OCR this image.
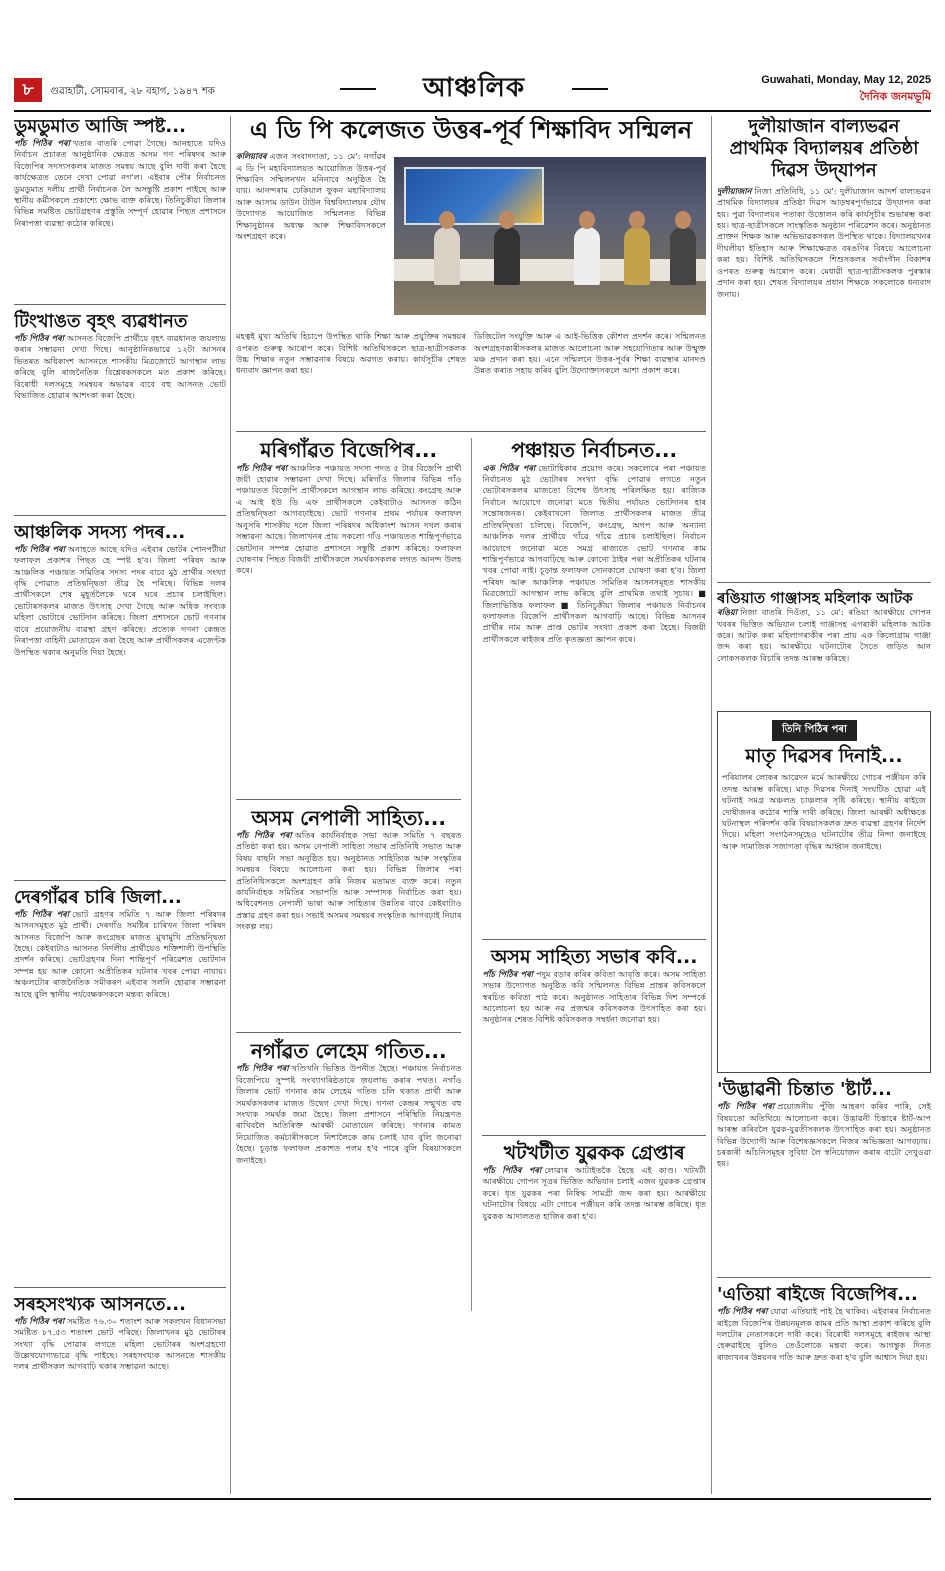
৮	গুৱাহাটী, সোমবাৰ, ২৮ বহাগ, ১৯৪৭ শক	আঞ্চলিক	Guwahati, Monday, May 12, 2025
দৈনিক জনমভূমি
ডুমডুমাত আজি স্পষ্ট...
পাঁচ পিঠিৰ পৰা খতাৰ বাতৰি পোৱা গৈছে। আনহাতে যদিও নিৰ্বাচন প্ৰচাৰত আনুষ্ঠানিক ক্ষেত্ৰত অসম গণ পৰিষদৰ আৰু বিজেপিৰ সদস্যসকলৰ মাজত সমন্বয় আছে বুলি দাবী কৰা হৈছে কাৰ্যক্ষেত্ৰত তেনে দেখা পোৱা নগ'ল। এইবাৰ পৌৰ নিৰ্বাচনত ডুমডুমাত দলীয় প্ৰাৰ্থী নিৰ্বাচনক লৈ অসন্তুষ্টি প্ৰকাশ পাইছে আৰু স্থানীয় কৰ্মীসকলে প্ৰকাশ্যে ক্ষোভ ব্যক্ত কৰিছে। তিনিচুকীয়া জিলাৰ বিভিন্ন সমষ্টিত ভোটগ্ৰহণৰ প্ৰস্তুতি সম্পূৰ্ণ হোৱাৰ পিছত প্ৰশাসনে নিৰাপত্তা ব্যৱস্থা কঠোৰ কৰিছে।
টিংখাঙত বৃহৎ ব্যৱধানত
পাঁচ পিঠিৰ পৰা আসনত বিজেপি প্ৰাৰ্থীয়ে বৃহৎ ব্যৱধানত জয়লাভ কৰাৰ সম্ভাৱনা দেখা দিছে। আনুষ্ঠানিকভাৱে ১২টা আসনৰ ভিতৰত অধিকাংশ আসনতে শাসকীয় মিত্ৰজোটে আগস্থান লাভ কৰিছে বুলি ৰাজনৈতিক বিশ্লেষকসকলে মত প্ৰকাশ কৰিছে। বিৰোধী দলসমূহে সমন্বয়ৰ অভাৱৰ বাবে বহু আসনত ভোট বিভাজিত হোৱাৰ আশংকা কৰা হৈছে।
আঞ্চলিক সদস্য পদৰ...
পাঁচ পিঠিৰ পৰা অনাহতে আছে যদিও এইবাৰ ভোটৰ পোনপটীয়া ফলাফল প্ৰকাশৰ পিছত হে স্পষ্ট হ'ব। জিলা পৰিষদ আৰু আঞ্চলিক পঞ্চায়ত সমিতিৰ সদস্য পদৰ বাবে মুঠ প্ৰাৰ্থীৰ সংখ্যা বৃদ্ধি পোৱাত প্ৰতিদ্বন্দ্বিতা তীব্ৰ হৈ পৰিছে। বিভিন্ন দলৰ প্ৰাৰ্থীসকলে শেষ মুহূৰ্তলৈকে ঘৰে ঘৰে প্ৰচাৰ চলাইছিল। ভোটাৰসকলৰ মাজত উৎসাহ দেখা গৈছে আৰু অধিক সংখ্যক মহিলা ভোটাৰে ভোটদান কৰিছে। জিলা প্ৰশাসনে ভোট গণনাৰ বাবে প্ৰয়োজনীয় ব্যৱস্থা গ্ৰহণ কৰিছে। প্ৰত্যেক গণনা কেন্দ্ৰত নিৰাপত্তা বাহিনী মোতায়েন কৰা হৈছে আৰু প্ৰাৰ্থীসকলৰ এজেণ্টক উপস্থিত থকাৰ অনুমতি দিয়া হৈছে।
দেৰগাঁৱৰ চাৰি জিলা...
পাঁচ পিঠিৰ পৰা ভোট গ্ৰহণৰ সমিতি ৭ আৰু জিলা পৰিষদৰ আসনসমূহত মুঠ প্ৰাৰ্থী। দেৰগাঁও সমষ্টিৰ চাৰিখন জিলা পৰিষদ আসনত বিজেপি আৰু কংগ্ৰেছৰ মাজত মুখামুখি প্ৰতিদ্বন্দ্বিতা হৈছে। কেইবাটাও আসনত নিৰ্দলীয় প্ৰাৰ্থীয়েও শক্তিশালী উপস্থিতি প্ৰদৰ্শন কৰিছে। ভোটগ্ৰহণৰ দিনা শান্তিপূৰ্ণ পৰিৱেশত ভোটদান সম্পন্ন হয় আৰু কোনো অপ্ৰীতিকৰ ঘটনাৰ খবৰ পোৱা নাযায়। অঞ্চলটোৰ ৰাজনৈতিক সমীকৰণ এইবাৰ সলনি হোৱাৰ সম্ভাৱনা আছে বুলি স্থানীয় পৰ্যবেক্ষকসকলে মন্তব্য কৰিছে।
সৰহসংখ্যক আসনতে...
পাঁচ পিঠিৰ পৰা সমষ্টিত ৭৬.৩০ শতাংশ আৰু সকলখন বিধানসভা সমষ্টিত ৮৭.৫৩ শতাংশ ভোট পৰিছে। জিলাখনৰ মুঠ ভোটাৰৰ সংখ্যা বৃদ্ধি পোৱাৰ লগতে মহিলা ভোটাৰৰ অংশগ্ৰহণো উল্লেখযোগ্যভাৱে বৃদ্ধি পাইছে। সৰহসংখ্যক আসনতে শাসকীয় দলৰ প্ৰাৰ্থীসকল আগবাঢ়ি থকাৰ সম্ভাৱনা আছে।
এ ডি পি কলেজত উত্তৰ-পূৰ্ব শিক্ষাবিদ সন্মিলন
কলিয়াবৰ এজন সংবাদদাতা, ১১ মে': নগাঁৱৰ এ ডি পি মহাবিদ্যালয়ত আয়োজিত উত্তৰ-পূৰ্ব শিক্ষাবিদ সন্মিলনখন মনিনাবে অনুষ্ঠিত হৈ যায়। আনন্দৰাম ঢেকিয়াল ফুকন মহাবিদ্যালয় আৰু আসাম ডাউন টাউন বিশ্ববিদ্যালয়ৰ যৌথ উদ্যোগত আয়োজিত সন্মিলনত বিভিন্ন শিক্ষানুষ্ঠানৰ অধ্যক্ষ আৰু শিক্ষাবিদসকলে অংশগ্ৰহণ কৰে।
মহত্বই মুখ্য অতিথি হিচাপে উপস্থিত থাকি শিক্ষা আৰু প্ৰযুক্তিৰ সমন্বয়ৰ ওপৰত গুৰুত্ব আৰোপ কৰে। বিশিষ্ট অতিথিসকলে ছাত্ৰ-ছাত্ৰীসকলক উচ্চ শিক্ষাৰ নতুন সম্ভাৱনাৰ বিষয়ে অৱগত কৰায়। কাৰ্যসূচীৰ শেষত ধন্যবাদ জ্ঞাপন কৰা হয়।
ডিজিটেল সংযুক্তি আৰু এ আই-ভিত্তিক কৌশল প্ৰদৰ্শন কৰে। সন্মিলনত অংশগ্ৰহণকাৰীসকলৰ মাজত আলোচনা আৰু সহযোগিতাৰ আৰু উন্মুক্ত মঞ্চ প্ৰদান কৰা হয়। এনে সন্মিলনে উত্তৰ-পূৰ্বৰ শিক্ষা ব্যৱস্থাৰ মানদণ্ড উন্নত কৰাত সহায় কৰিব বুলি উদ্যোক্তাসকলে আশা প্ৰকাশ কৰে।
মৰিগাঁৱত বিজেপিৰ...
পাঁচ পিঠিৰ পৰা আঞ্চলিক পঞ্চায়ত সদস্য পদত ৫ টাৰ বিজেপি প্ৰাৰ্থী জয়ী হোৱাৰ সম্ভাৱনা দেখা দিছে। মৰিগাঁও জিলাৰ বিভিন্ন গাঁও পঞ্চায়তত বিজেপি প্ৰাৰ্থীসকলে আগস্থান লাভ কৰিছে। কংগ্ৰেছ আৰু এ আই ইউ ডি এফ প্ৰাৰ্থীসকলে কেইবাটাও আসনত কঠিন প্ৰতিদ্বন্দ্বিতা আগবঢ়াইছে। ভোট গণনাৰ প্ৰথম পৰ্যায়ৰ ফলাফল অনুসৰি শাসকীয় দলে জিলা পৰিষদৰ অধিকাংশ আসন দখল কৰাৰ সম্ভাৱনা আছে। জিলাখনৰ প্ৰায় সকলো গাঁও পঞ্চায়তত শান্তিপূৰ্ণভাৱে ভোটদান সম্পন্ন হোৱাত প্ৰশাসনে সন্তুষ্টি প্ৰকাশ কৰিছে। ফলাফল ঘোষণাৰ পিছত বিজয়ী প্ৰাৰ্থীসকলে সমৰ্থকসকলৰ লগত আনন্দ উলহ কৰে।
অসম নেপালী সাহিত্য...
পাঁচ পিঠিৰ পৰা অতিৰ কাৰ্যনিৰ্বাহক সভা আৰু সমিতি ৭ বছৰত প্ৰতিষ্ঠা কৰা হয়। অসম নেপালী সাহিত্য সভাৰ প্ৰতিনিধি সভাত আৰু বিষয় বাছনি সভা অনুষ্ঠিত হয়। অনুষ্ঠানত সাহিত্যিক আৰু সংস্কৃতিৰ সমন্বয়ৰ বিষয়ে আলোচনা কৰা হয়। বিভিন্ন জিলাৰ পৰা প্ৰতিনিধিসকলে অংশগ্ৰহণ কৰি নিজৰ মতামত ব্যক্ত কৰে। নতুন কাৰ্যনিৰ্বাহক সমিতিৰ সভাপতি আৰু সম্পাদক নিৰ্বাচিত কৰা হয়। অধিবেশনত নেপালী ভাষা আৰু সাহিত্যৰ উন্নতিৰ বাবে কেইবাটাও প্ৰস্তাৱ গ্ৰহণ কৰা হয়। সভাই অসমৰ সমন্বয়ৰ সংস্কৃতিক আগবঢ়াই নিয়াৰ সংকল্প লয়।
নগাঁৱত লেহেম গতিত...
পাঁচ পিঠিৰ পৰা খণ্ডিখনি ভিত্তিত উপনীত হৈছে। পঞ্চায়ত নিৰ্বাচনত বিজেপিয়ে সুস্পষ্ট সংখ্যাগৰিষ্ঠতাৰে জয়লাভ কৰাৰ পথত। নগাঁও জিলাৰ ভোট গণনাৰ কাম লেহেম গতিত চলি থকাত প্ৰাৰ্থী আৰু সমৰ্থকসকলৰ মাজত উদ্বেগ দেখা দিছে। গণনা কেন্দ্ৰৰ সন্মুখত বহু সংখ্যক সমৰ্থক জমা হৈছে। জিলা প্ৰশাসনে পৰিস্থিতি নিয়ন্ত্ৰণত ৰাখিবলৈ অতিৰিক্ত আৰক্ষী মোতায়েন কৰিছে। গণনাৰ কামত নিয়োজিত কৰ্মচাৰীসকলে নিশালৈকে কাম চলাই যাব বুলি জনোৱা হৈছে। চূড়ান্ত ফলাফল প্ৰকাশত পলম হ'ব পাৰে বুলি বিষয়াসকলে জনাইছে।
পঞ্চায়ত নিৰ্বাচনত...
এক পিঠিৰ পৰা ভোটাধিকাৰ প্ৰয়োগ কৰে। সকলোৰে পৰা পঞ্চায়ত নিৰ্বাচনত মুঠ ভোটাৰৰ সংখ্যা বৃদ্ধি পোৱাৰ লগতে নতুন ভোটাৰসকলৰ মাজতো বিশেষ উৎসাহ পৰিলক্ষিত হয়। ৰাজ্যিক নিৰ্বাচন আয়োগে জনোৱা মতে দ্বিতীয় পৰ্যায়ত ভোটদানৰ হাৰ সন্তোষজনক। কেইবাখনো জিলাত প্ৰাৰ্থীসকলৰ মাজত তীব্ৰ প্ৰতিদ্বন্দ্বিতা চলিছে। বিজেপি, কংগ্ৰেছ, অগপ আৰু অন্যান্য আঞ্চলিক দলৰ প্ৰাৰ্থীয়ে গাঁৱে গাঁৱে প্ৰচাৰ চলাইছিল। নিৰ্বাচন আয়োগে জনোৱা মতে সমগ্ৰ ৰাজ্যতে ভোট গণনাৰ কাম শান্তিপূৰ্ণভাৱে আগবাঢ়িছে আৰু কোনো ঠাইৰ পৰা অপ্ৰীতিকৰ ঘটনাৰ খবৰ পোৱা নাই। চূড়ান্ত ফলাফল সোনকালে ঘোষণা কৰা হ'ব। জিলা পৰিষদ আৰু আঞ্চলিক পঞ্চায়ত সমিতিৰ আসনসমূহত শাসকীয় মিত্ৰজোটে আগস্থান লাভ কৰিছে বুলি প্ৰাথমিক তথ্যই সূচায়। ■ জিলাভিত্তিক ফলাফল ■ তিনিচুকীয়া জিলাৰ পঞ্চায়ত নিৰ্বাচনৰ ফলাফলত বিজেপি প্ৰাৰ্থীসকল আগবাঢ়ি আছে। বিভিন্ন আসনৰ প্ৰাৰ্থীৰ নাম আৰু প্ৰাপ্ত ভোটৰ সংখ্যা প্ৰকাশ কৰা হৈছে। বিজয়ী প্ৰাৰ্থীসকলে ৰাইজৰ প্ৰতি কৃতজ্ঞতা জ্ঞাপন কৰে।
অসম সাহিত্য সভাৰ কবি...
পাঁচ পিঠিৰ পৰা পদুম বড়াৰ কৰিৰ কবিতা আবৃত্তি কৰে। অসম সাহিত্য সভাৰ উদ্যোগত অনুষ্ঠিত কবি সন্মিলনত বিভিন্ন প্ৰান্তৰ কবিসকলে স্বৰচিত কবিতা পাঠ কৰে। অনুষ্ঠানত সাহিত্যৰ বিভিন্ন দিশ সম্পৰ্কে আলোচনা হয় আৰু নৱ প্ৰজন্মৰ কবিসকলক উৎসাহিত কৰা হয়। অনুষ্ঠানৰ শেষত বিশিষ্ট কবিসকলক সম্বৰ্ধনা জনোৱা হয়।
খটখটীত যুৱকক গ্ৰেপ্তাৰ
পাঁচ পিঠিৰ পৰা লোৱাৰ আটাইতকৈ হৈছে এই কাণ্ড। খটখটী আৰক্ষীয়ে গোপন সূত্ৰৰ ভিত্তিত অভিযান চলাই এজন যুৱকক গ্ৰেপ্তাৰ কৰে। ধৃত যুৱকৰ পৰা নিষিদ্ধ সামগ্ৰী জব্দ কৰা হয়। আৰক্ষীয়ে ঘটনাটোৰ বিষয়ে এটা গোচৰ পঞ্জীয়ন কৰি তদন্ত আৰম্ভ কৰিছে। ধৃত যুৱকক আদালতত হাজিৰ কৰা হ'ব।
দুলীয়াজান বাল্যভৱন প্ৰাথমিক বিদ্যালয়ৰ প্ৰতিষ্ঠা দিৱস উদ্‌যাপন
দুলীয়াজান নিজা প্ৰতিনিধি, ১১ মে': দুলীয়াজান আদৰ্শ বাল্যভৱন প্ৰাথমিক বিদ্যালয়ৰ প্ৰতিষ্ঠা দিৱস আড়ম্বৰপূৰ্ণভাৱে উদ্‌যাপন কৰা হয়। পুৱা বিদ্যালয়ৰ পতাকা উত্তোলন কৰি কাৰ্যসূচীৰ শুভাৰম্ভ কৰা হয়। ছাত্ৰ-ছাত্ৰীসকলে সাংস্কৃতিক অনুষ্ঠান পৰিৱেশন কৰে। অনুষ্ঠানত প্ৰাক্তন শিক্ষক আৰু অভিভাৱকসকল উপস্থিত থাকে। বিদ্যালয়খনৰ দীঘলীয়া ইতিহাস আৰু শিক্ষাক্ষেত্ৰত বৰঙণিৰ বিষয়ে আলোচনা কৰা হয়। বিশিষ্ট অতিথিসকলে শিশুসকলৰ সৰ্বাংগীন বিকাশৰ ওপৰত গুৰুত্ব আৰোপ কৰে। মেধাৱী ছাত্ৰ-ছাত্ৰীসকলক পুৰস্কাৰ প্ৰদান কৰা হয়। শেষত বিদ্যালয়ৰ প্ৰধান শিক্ষকে সকলোকে ধন্যবাদ জনায়।
ৰঙিয়াত গাঞ্জাসহ মহিলাক আটক
ৰঙিয়া নিজা বাতৰি দিওঁতা, ১১ মে': ৰঙিয়া আৰক্ষীয়ে গোপন খবৰৰ ভিত্তিত অভিযান চলাই গাঞ্জাসহ এগৰাকী মহিলাক আটক কৰে। আটক কৰা মহিলাগৰাকীৰ পৰা প্ৰায় এক কিলোগ্ৰাম গাঞ্জা জব্দ কৰা হয়। আৰক্ষীয়ে ঘটনাটোৰ সৈতে জড়িত আন লোকসকলক বিচাৰি তদন্ত আৰম্ভ কৰিছে।
তিনি পিঠিৰ পৰা
মাতৃ দিৱসৰ দিনাই...
পৰিয়ালৰ লোকৰ আৱেদন মৰ্মে আৰক্ষীয়ে গোচৰ পঞ্জীয়ন কৰি তদন্ত আৰম্ভ কৰিছে। মাতৃ দিৱসৰ দিনাই সংঘটিত হোৱা এই ঘটনাই সমগ্ৰ অঞ্চলত চাঞ্চল্যৰ সৃষ্টি কৰিছে। স্থানীয় ৰাইজে দোষীজনৰ কঠোৰ শাস্তি দাবী কৰিছে। জিলা আৰক্ষী অধীক্ষকে ঘটনাস্থল পৰিদৰ্শন কৰি বিষয়াসকলক দ্ৰুত ব্যৱস্থা গ্ৰহণৰ নিৰ্দেশ দিয়ে। মহিলা সংগঠনসমূহেও ঘটনাটোৰ তীব্ৰ নিন্দা জনাইছে আৰু সামাজিক সজাগতা বৃদ্ধিৰ আহ্বান জনাইছে।
'উদ্ভাৱনী চিন্তাত 'ষ্টাৰ্ট...
পাঁচ পিঠিৰ পৰা প্ৰয়োজনীয় পুঁজি আহৰণ কৰিব পাৰি, সেই বিষয়তো অতিথিয়ে আলোচনা কৰে। উদ্ভাৱনী চিন্তাৰে ষ্টাৰ্ট-আপ আৰম্ভ কৰিবলৈ যুৱক-যুৱতীসকলক উৎসাহিত কৰা হয়। অনুষ্ঠানত বিভিন্ন উদ্যোগী আৰু বিশেষজ্ঞসকলে নিজৰ অভিজ্ঞতা আগবঢ়ায়। চৰকাৰী আঁচনিসমূহৰ সুবিধা লৈ স্বনিয়োজন কৰাৰ বাটো দেখুওৱা হয়।
'এতিয়া ৰাইজে বিজেপিৰ...
পাঁচ পিঠিৰ পৰা যোৱা এতিয়াই পাই হৈ থাকিব। এইবাৰৰ নিৰ্বাচনত ৰাইজে বিজেপিৰ উন্নয়নমূলক কামৰ প্ৰতি আস্থা প্ৰকাশ কৰিছে বুলি দলটোৰ নেতাসকলে দাবী কৰে। বিৰোধী দলসমূহে ৰাইজৰ আস্থা হেৰুৱাইছে বুলিও তেওঁলোকে মন্তব্য কৰে। আগন্তুক দিনত ৰাজ্যখনৰ উন্নয়নৰ গতি আৰু দ্ৰুত কৰা হ'ব বুলি আশ্বাস দিয়া হয়।
